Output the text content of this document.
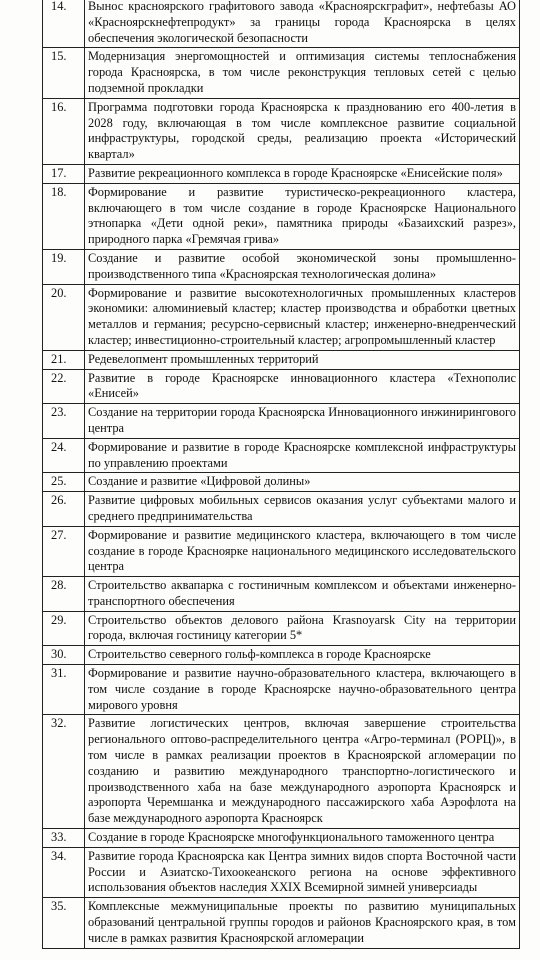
14.	Вынос красноярского графитового завода «Красноярскграфит», нефтебазы АО «Красноярскнефтепродукт» за границы города Красноярска в целях обеспечения экологической безопасности
15.	Модернизация энергомощностей и оптимизация системы теплоснабжения города Красноярска, в том числе реконструкция тепловых сетей с целью подземной прокладки
16.	Программа подготовки города Красноярска к празднованию его 400-летия в 2028 году, включающая в том числе комплексное развитие социальной инфраструктуры, городской среды, реализацию проекта «Исторический квартал»
17.	Развитие рекреационного комплекса в городе Красноярске «Енисейские поля»
18.	Формирование и развитие туристическо-рекреационного кластера, включающего в том числе создание в городе Красноярске Национального этнопарка «Дети одной реки», памятника природы «Базаихский разрез», природного парка «Гремячая грива»
19.	Создание и развитие особой экономической зоны промышленно-производственного типа «Красноярская технологическая долина»
20.	Формирование и развитие высокотехнологичных промышленных кластеров экономики: алюминиевый кластер; кластер производства и обработки цветных металлов и германия; ресурсно-сервисный кластер; инженерно-внедренческий кластер; инвестиционно-строительный кластер; агропромышленный кластер
21.	Редевелопмент промышленных территорий
22.	Развитие в городе Красноярске инновационного кластера «Технополис «Енисей»
23.	Создание на территории города Красноярска Инновационного инжинирингового центра
24.	Формирование и развитие в городе Красноярске комплексной инфраструктуры по управлению проектами
25.	Создание и развитие «Цифровой долины»
26.	Развитие цифровых мобильных сервисов оказания услуг субъектами малого и среднего предпринимательства
27.	Формирование и развитие медицинского кластера, включающего в том числе создание в городе Красноярке национального медицинского исследовательского центра
28.	Строительство аквапарка с гостиничным комплексом и объектами инженерно-транспортного обеспечения
29.	Строительство объектов делового района Krasnoyarsk City на территории города, включая гостиницу категории 5*
30.	Строительство северного гольф-комплекса в городе Красноярске
31.	Формирование и развитие научно-образовательного кластера, включающего в том числе создание в городе Красноярске научно-образовательного центра мирового уровня
32.	Развитие логистических центров, включая завершение строительства регионального оптово-распределительного центра «Агро-терминал (РОРЦ)», в том числе в рамках реализации проектов в Красноярской агломерации по созданию и развитию международного транспортно-логистического и производственного хаба на базе международного аэропорта Красноярск и аэропорта Черемшанка и международного пассажирского хаба Аэрофлота на базе международного аэропорта Красноярск
33.	Создание в городе Красноярске многофункционального таможенного центра
34.	Развитие города Красноярска как Центра зимних видов спорта Восточной части России и Азиатско-Тихоокеанского региона на основе эффективного использования объектов наследия XXIX Всемирной зимней универсиады
35.	Комплексные межмуниципальные проекты по развитию муниципальных образований центральной группы городов и районов Красноярского края, в том числе в рамках развития Красноярской агломерации
